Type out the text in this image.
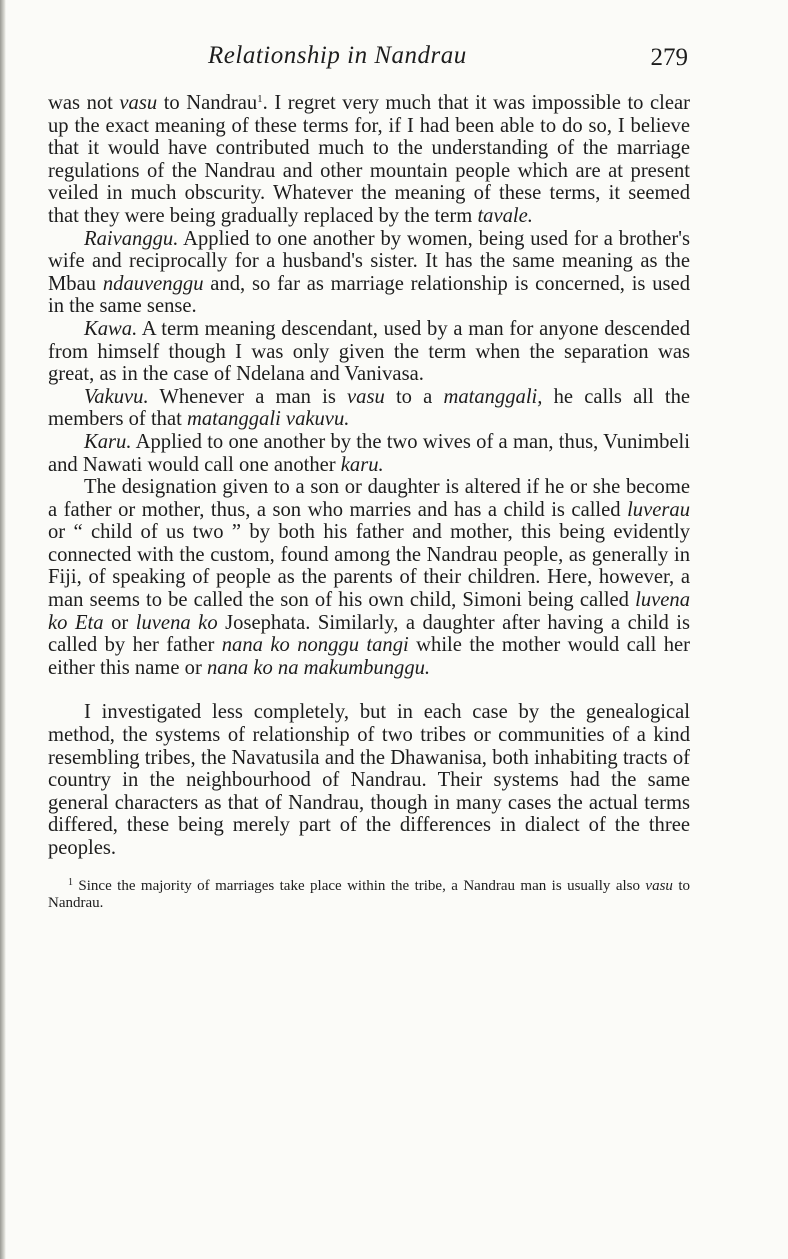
Relationship in Nandrau	279

was not vasu to Nandrau$^1$. I regret very much that it was impossible to clear up the exact meaning of these terms for, if I had been able to do so, I believe that it would have contributed much to the understanding of the marriage regulations of the Nandrau and other mountain people which are at present veiled in much obscurity. Whatever the meaning of these terms, it seemed that they were being gradually replaced by the term tavale.

Raivanggu. Applied to one another by women, being used for a brother's wife and reciprocally for a husband's sister. It has the same meaning as the Mbau ndauvenggu and, so far as marriage relationship is concerned, is used in the same sense.

Kawa. A term meaning descendant, used by a man for anyone descended from himself though I was only given the term when the separation was great, as in the case of Ndelana and Vanivasa.

Vakuvu. Whenever a man is vasu to a matanggali, he calls all the members of that matanggali vakuvu.

Karu. Applied to one another by the two wives of a man, thus, Vunimbeli and Nawati would call one another karu.

The designation given to a son or daughter is altered if he or she become a father or mother, thus, a son who marries and has a child is called luverau or “ child of us two ” by both his father and mother, this being evidently connected with the custom, found among the Nandrau people, as generally in Fiji, of speaking of people as the parents of their children. Here, however, a man seems to be called the son of his own child, Simoni being called luvena ko Eta or luvena ko Josephata. Similarly, a daughter after having a child is called by her father nana ko nonggu tangi while the mother would call her either this name or nana ko na makumbunggu.

I investigated less completely, but in each case by the genealogical method, the systems of relationship of two tribes or communities of a kind resembling tribes, the Navatusila and the Dhawanisa, both inhabiting tracts of country in the neighbourhood of Nandrau. Their systems had the same general characters as that of Nandrau, though in many cases the actual terms differed, these being merely part of the differences in dialect of the three peoples.

$^1$ Since the majority of marriages take place within the tribe, a Nandrau man is usually also vasu to Nandrau.
